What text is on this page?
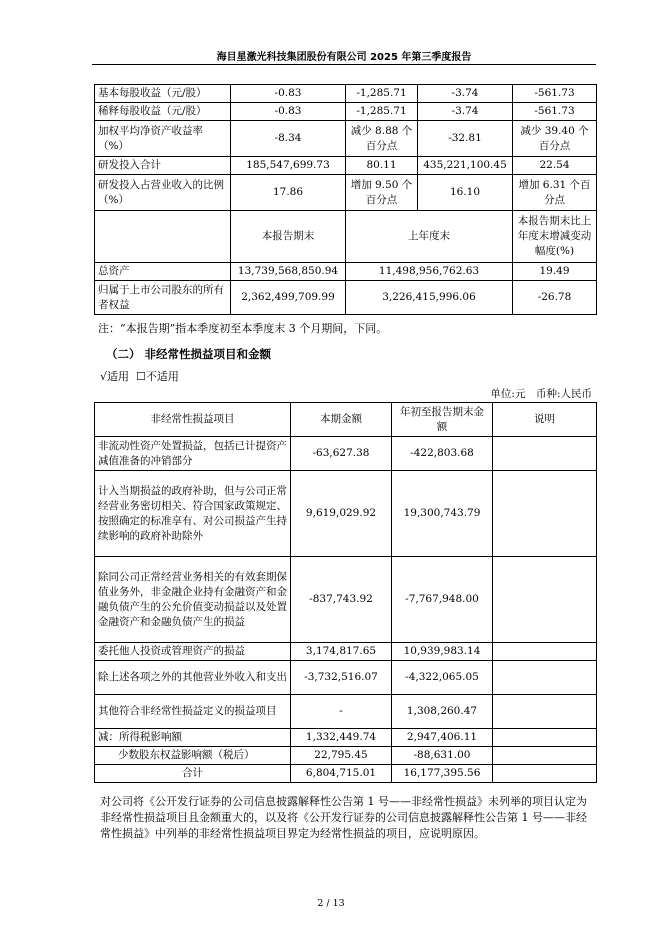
海目星激光科技集团股份有限公司 2025 年第三季度报告
基本每股收益（元/股）	-0.83	-1,285.71	-3.74	-561.73
稀释每股收益（元/股）	-0.83	-1,285.71	-3.74	-561.73
加权平均净资产收益率（%）	-8.34	减少 8.88 个百分点	-32.81	减少 39.40 个百分点
研发投入合计	185,547,699.73	80.11	435,221,100.45	22.54
研发投入占营业收入的比例（%）	17.86	增加 9.50 个百分点	16.10	增加 6.31 个百分点
	本报告期末	上年度末		本报告期末比上年度末增减变动幅度(%)
总资产	13,739,568,850.94	11,498,956,762.63		19.49
归属于上市公司股东的所有者权益	2,362,499,709.99	3,226,415,996.06		-26.78
注：“本报告期”指本季度初至本季度末 3 个月期间，下同。
（二） 非经常性损益项目和金额
√适用 ☐不适用
单位:元　币种:人民币
非经常性损益项目	本期金额	年初至报告期末金额	说明
非流动性资产处置损益，包括已计提资产减值准备的冲销部分	-63,627.38	-422,803.68	
计入当期损益的政府补助，但与公司正常经营业务密切相关、符合国家政策规定、按照确定的标准享有、对公司损益产生持续影响的政府补助除外	9,619,029.92	19,300,743.79	
除同公司正常经营业务相关的有效套期保值业务外，非金融企业持有金融资产和金融负债产生的公允价值变动损益以及处置金融资产和金融负债产生的损益	-837,743.92	-7,767,948.00	
委托他人投资或管理资产的损益	3,174,817.65	10,939,983.14	
除上述各项之外的其他营业外收入和支出	-3,732,516.07	-4,322,065.05	
其他符合非经常性损益定义的损益项目	-	1,308,260.47	
减：所得税影响额	1,332,449.74	2,947,406.11	
少数股东权益影响额（税后）	22,795.45	-88,631.00	
合计	6,804,715.01	16,177,395.56	
对公司将《公开发行证券的公司信息披露解释性公告第 1 号——非经常性损益》未列举的项目认定为非经常性损益项目且金额重大的，以及将《公开发行证券的公司信息披露解释性公告第 1 号——非经常性损益》中列举的非经常性损益项目界定为经常性损益的项目，应说明原因。
2 / 13
